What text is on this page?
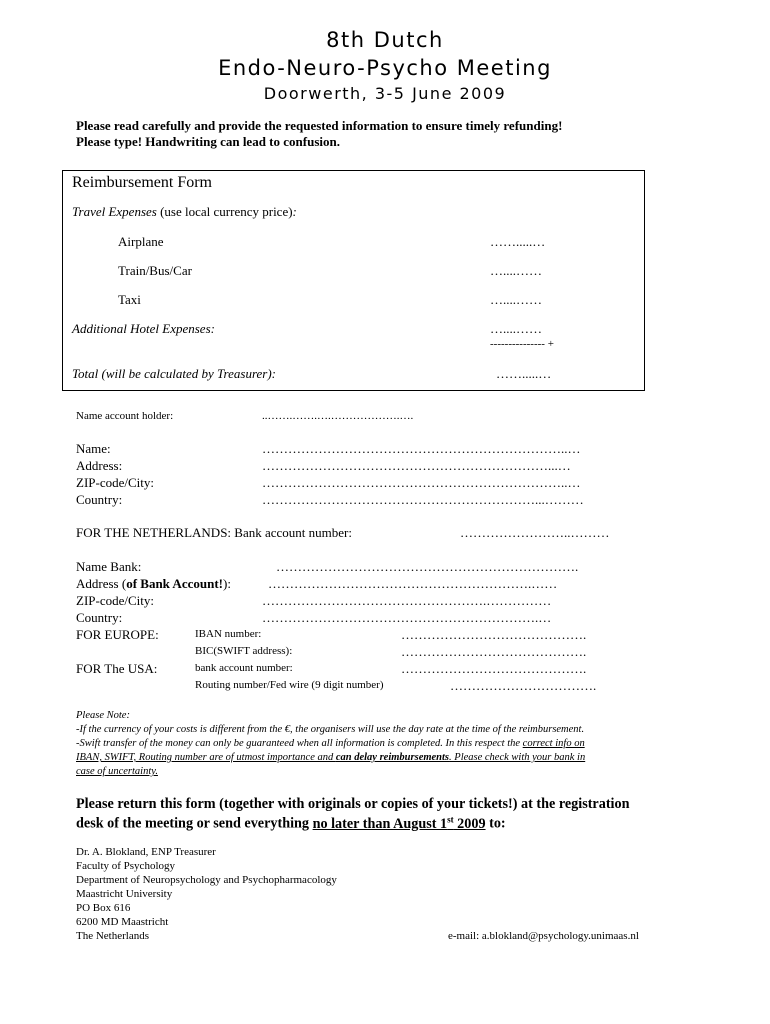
8th Dutch
Endo-Neuro-Psycho Meeting
Doorwerth, 3-5 June 2009
Please read carefully and provide the requested information to ensure timely refunding!
Please type! Handwriting can lead to confusion.
Reimbursement Form
Travel Expenses (use local currency price):
Airplane	…….....…
Train/Bus/Car	…....……
Taxi	…....……
Additional Hotel Expenses:	…....……
--------------- +
Total (will be calculated by Treasurer):	…….....…
Name account holder:	..…….…….….……………….….
Name:	……………………………………………………………..…
Address:	…………………………………………………………...…
ZIP-code/City:	……………………………………………………………..…
Country:	………………………………………………………...………
FOR THE NETHERLANDS: Bank account number:	……………………..………
Name Bank:	…………………………………………………………….
Address (of Bank Account!):	…………………………………………………….……
ZIP-code/City:	…………………………………………….……………
Country:	……………………………………………………….…
FOR EUROPE:	IBAN number:	…………………………………….
BIC(SWIFT address):	…………………………………….
FOR The USA:	bank account number:	…………………………………….
Routing number/Fed wire (9 digit number)	…………………………….
Please Note:
-If the currency of your costs is different from the €, the organisers will use the day rate at the time of the reimbursement.
-Swift transfer of the money can only be guaranteed when all information is completed. In this respect the correct info on
IBAN, SWIFT, Routing number are of utmost importance and can delay reimbursements. Please check with your bank in
case of uncertainty.
Please return this form (together with originals or copies of your tickets!) at the registration
desk of the meeting or send everything no later than August 1st 2009 to:
Dr. A. Blokland, ENP Treasurer
Faculty of Psychology
Department of Neuropsychology and Psychopharmacology
Maastricht University
PO Box 616
6200 MD Maastricht
The Netherlands	e-mail: a.blokland@psychology.unimaas.nl
